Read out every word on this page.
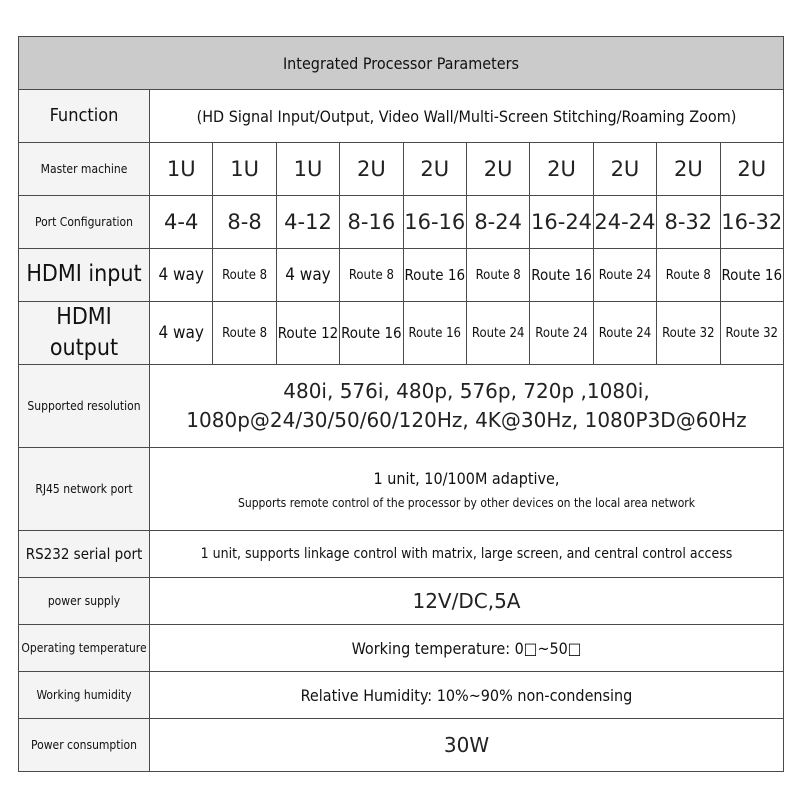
Integrated Processor Parameters										
Function	(HD Signal Input/Output, Video Wall/Multi-Screen Stitching/Roaming Zoom)									
Master machine	1U	1U	1U	2U	2U	2U	2U	2U	2U	2U
Port Configuration	4-4	8-8	4-12	8-16	16-16	8-24	16-24	24-24	8-32	16-32
HDMI input	4 way	Route 8	4 way	Route 8	Route 16	Route 8	Route 16	Route 24	Route 8	Route 16
HDMI output	4 way	Route 8	Route 12	Route 16	Route 16	Route 24	Route 24	Route 24	Route 32	Route 32
Supported resolution	480i, 576i, 480p, 576p, 720p ,1080i,
1080p@24/30/50/60/120Hz, 4K@30Hz, 1080P3D@60Hz									
RJ45 network port	1 unit, 10/100M adaptive,
Supports remote control of the processor by other devices on the local area network									

RS232 serial port	1 unit, supports linkage control with matrix, large screen, and central control access									
power supply	12V/DC,5A									
Operating temperature	Working temperature: 0□~50□									
Working humidity	Relative Humidity: 10%~90% non-condensing									
Power consumption	30W									
